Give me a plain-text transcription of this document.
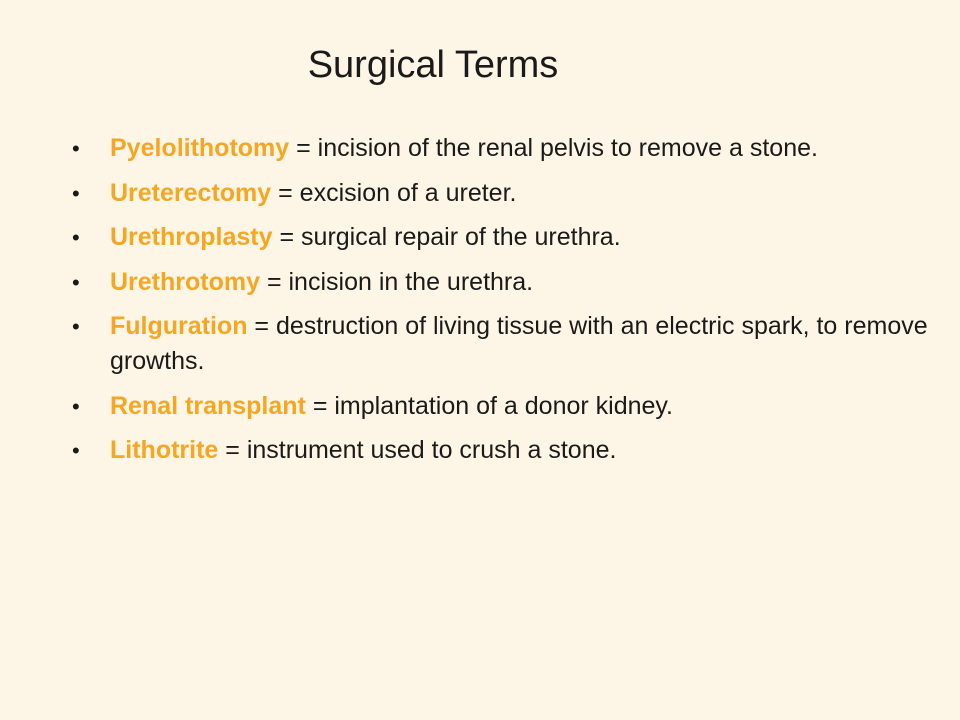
Surgical Terms
•	Pyelolithotomy = incision of the renal pelvis to remove a stone.
•	Ureterectomy = excision of a ureter.
•	Urethroplasty = surgical repair of the urethra.
•	Urethrotomy = incision in the urethra.
•	Fulguration = destruction of living tissue with an electric spark, to remove growths.
•	Renal transplant = implantation of a donor kidney.
•	Lithotrite = instrument used to crush a stone.
